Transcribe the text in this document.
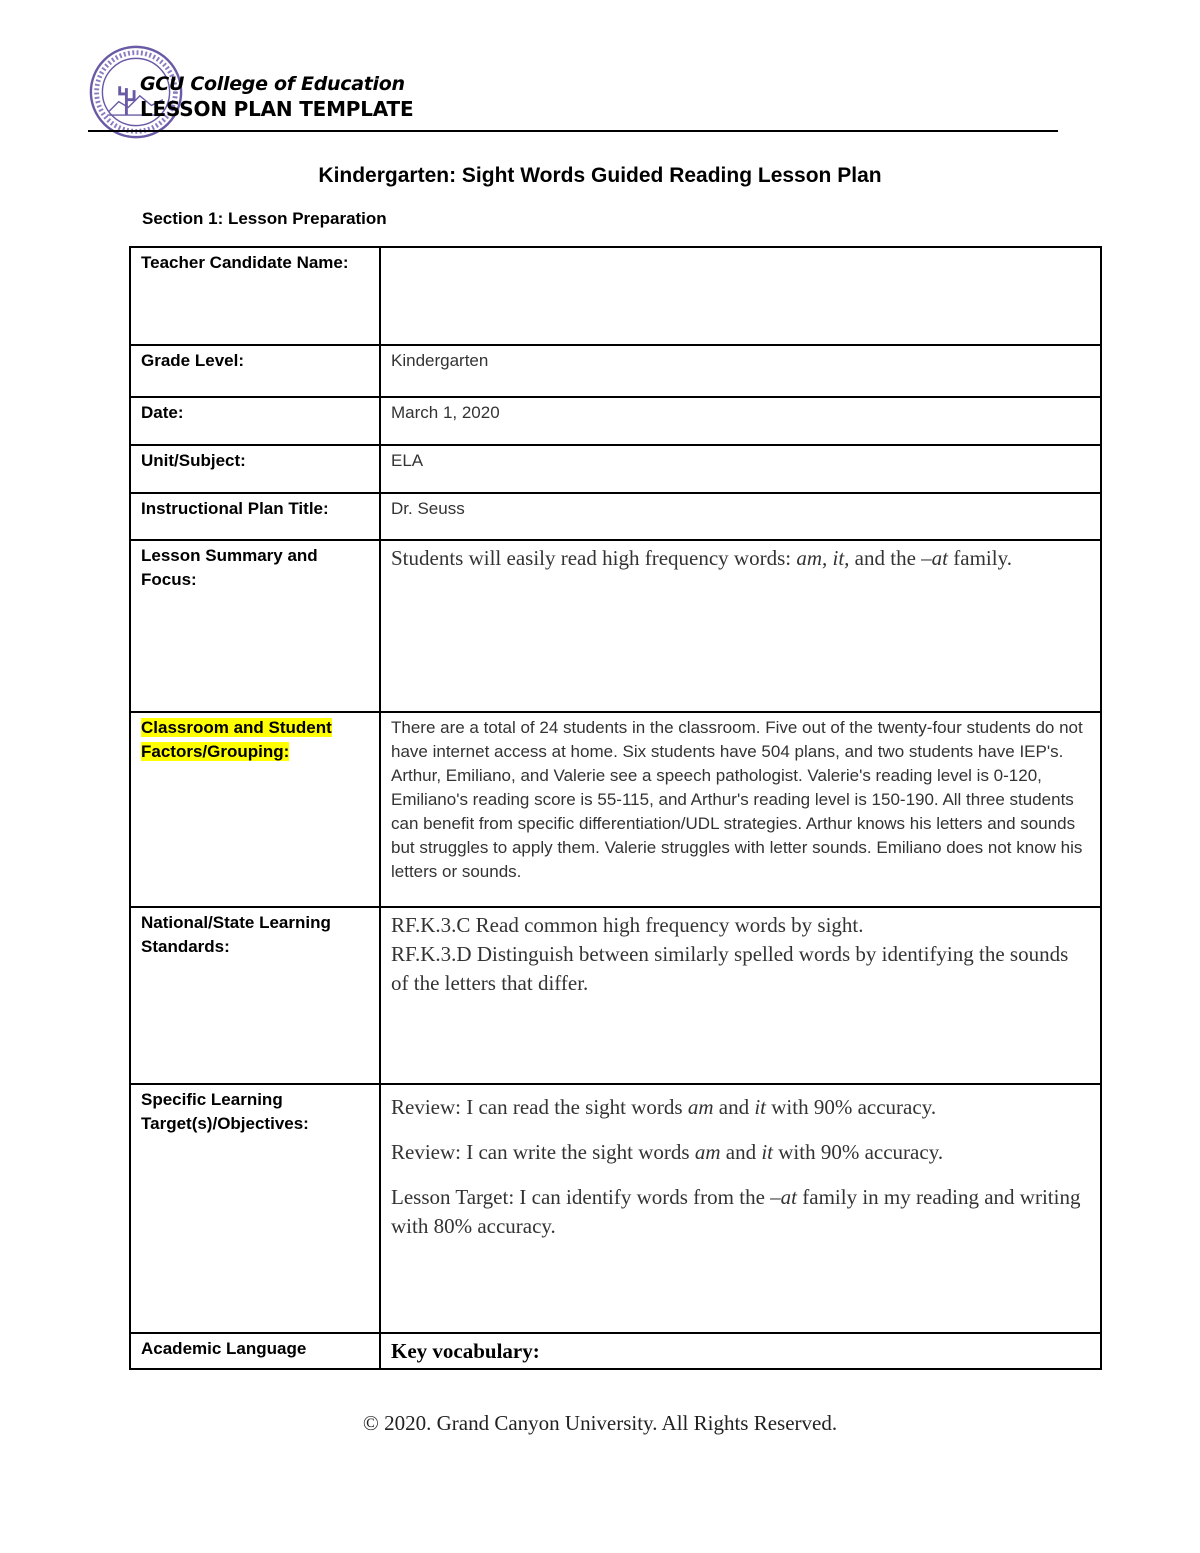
GCU College of Education
LESSON PLAN TEMPLATE
Kindergarten: Sight Words Guided Reading Lesson Plan
Section 1: Lesson Preparation
Teacher Candidate Name:	
Grade Level:	Kindergarten
Date:	March 1, 2020
Unit/Subject:	ELA
Instructional Plan Title:	Dr. Seuss
Lesson Summary and Focus:	Students will easily read high frequency words: am, it, and the –at family.

Classroom and Student Factors/Grouping:	There are a total of 24 students in the classroom. Five out of the twenty-four students do not have internet access at home. Six students have 504 plans, and two students have IEP's. Arthur, Emiliano, and Valerie see a speech pathologist. Valerie's reading level is 0-120, Emiliano's reading score is 55-115, and Arthur's reading level is 150-190. All three students can benefit from specific differentiation/UDL strategies. Arthur knows his letters and sounds but struggles to apply them. Valerie struggles with letter sounds. Emiliano does not know his letters or sounds.
National/State Learning Standards:	RF.K.3.C Read common high frequency words by sight.
RF.K.3.D Distinguish between similarly spelled words by identifying the sounds of the letters that differ.

Specific Learning Target(s)/Objectives:	Review: I can read the sight words am and it with 90% accuracy.

Review: I can write the sight words am and it with 90% accuracy.

Lesson Target: I can identify words from the –at family in my reading and writing with 80% accuracy.

Academic Language	Key vocabulary:
© 2020. Grand Canyon University. All Rights Reserved.
